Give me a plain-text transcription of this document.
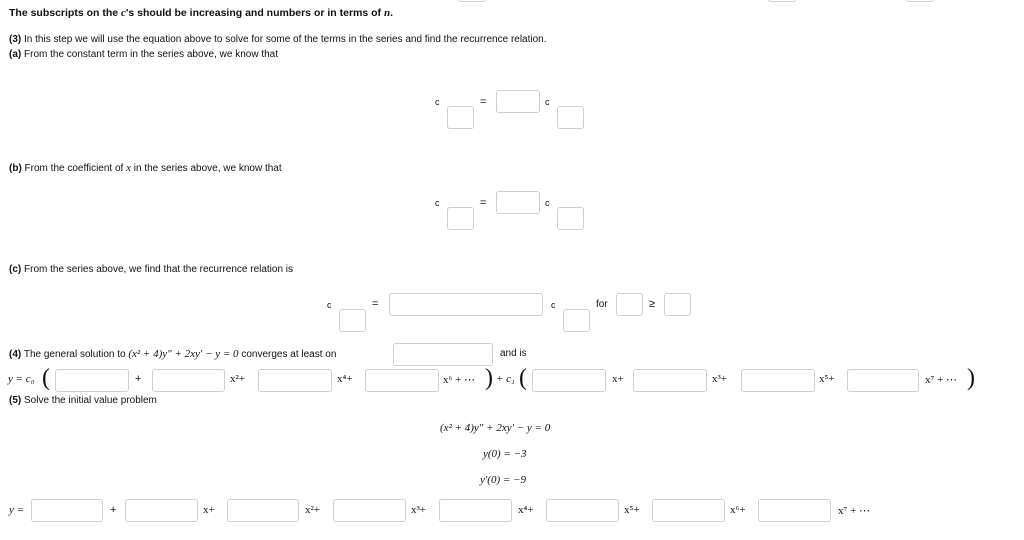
The subscripts on the c's should be increasing and numbers or in terms of n.
(3) In this step we will use the equation above to solve for some of the terms in the series and find the recurrence relation.
(a) From the constant term in the series above, we know that
c	=	c
(b) From the coefficient of x in the series above, we know that
c	=	c
(c) From the series above, we find that the recurrence relation is
c	=	c	for	≥
(4) The general solution to (x² + 4)y″ + 2xy′ − y = 0 converges at least on	and is
y = c₀ (	+	x²+	x⁴+	x⁶ + ⋯ ) + c₁ (	x+	x³+	x⁵+	x⁷ + ⋯ )
(5) Solve the initial value problem
(x² + 4)y″ + 2xy′ − y = 0
y(0) = −3
y′(0) = −9
y =	+	x+	x²+	x³+	x⁴+	x⁵+	x⁶+	x⁷ + ⋯
